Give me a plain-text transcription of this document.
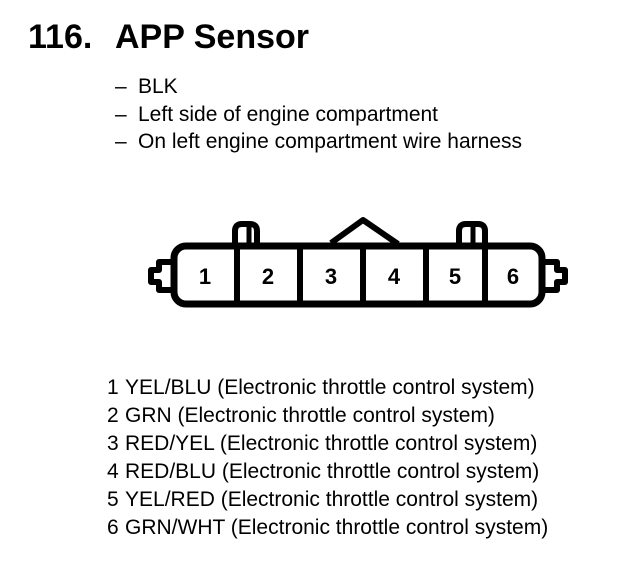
116. APP Sensor
– BLK
– Left side of engine compartment
– On left engine compartment wire harness
1 2 3 4 5 6
1 YEL/BLU (Electronic throttle control system)
2 GRN (Electronic throttle control system)
3 RED/YEL (Electronic throttle control system)
4 RED/BLU (Electronic throttle control system)
5 YEL/RED (Electronic throttle control system)
6 GRN/WHT (Electronic throttle control system)
